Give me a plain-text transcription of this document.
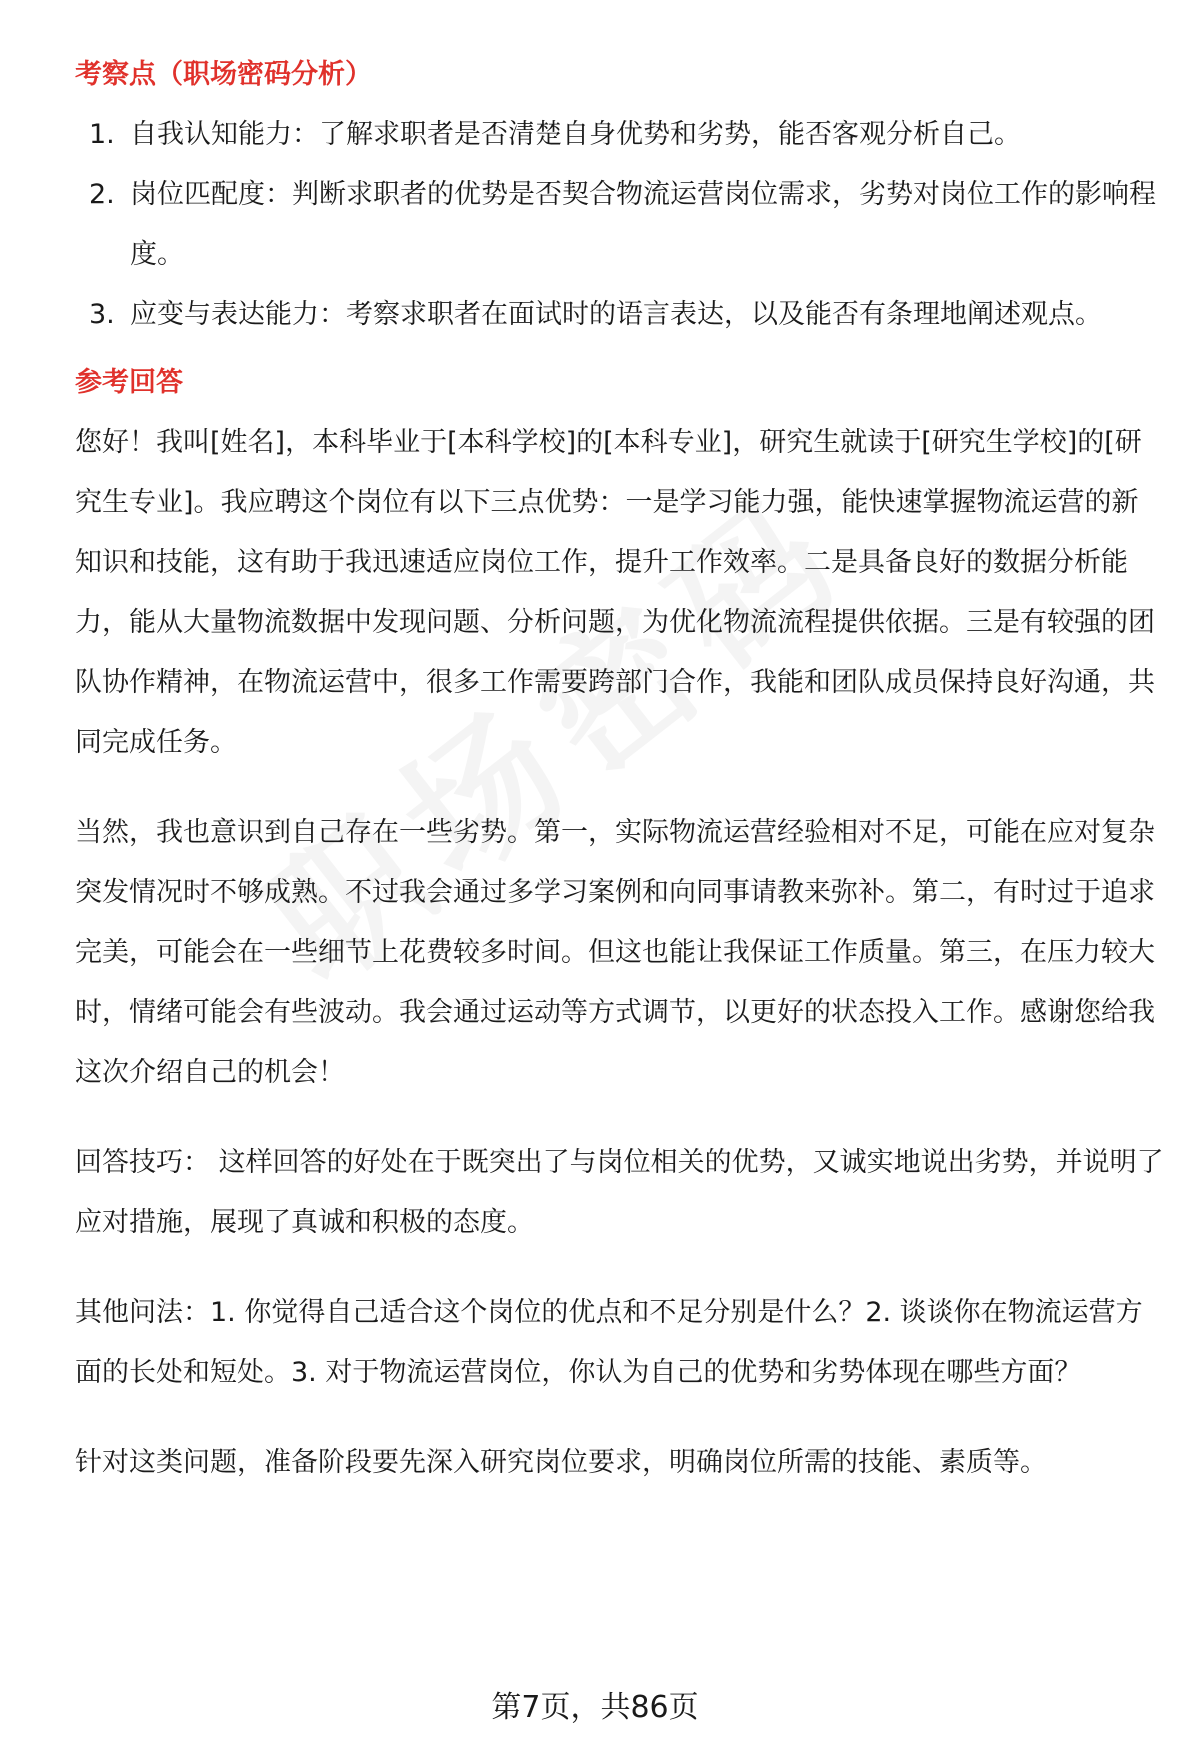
考察点（职场密码分析）
1. 自我认知能力：了解求职者是否清楚自身优势和劣势，能否客观分析自己。
2. 岗位匹配度：判断求职者的优势是否契合物流运营岗位需求，劣势对岗位工作的影响程度。
3. 应变与表达能力：考察求职者在面试时的语言表达，以及能否有条理地阐述观点。
参考回答

您好！我叫[姓名]，本科毕业于[本科学校]的[本科专业]，研究生就读于[研究生学校]的[研究生专业]。我应聘这个岗位有以下三点优势：一是学习能力强，能快速掌握物流运营的新知识和技能，这有助于我迅速适应岗位工作，提升工作效率。二是具备良好的数据分析能力，能从大量物流数据中发现问题、分析问题，为优化物流流程提供依据。三是有较强的团队协作精神，在物流运营中，很多工作需要跨部门合作，我能和团队成员保持良好沟通，共同完成任务。

当然，我也意识到自己存在一些劣势。第一，实际物流运营经验相对不足，可能在应对复杂突发情况时不够成熟。不过我会通过多学习案例和向同事请教来弥补。第二，有时过于追求完美，可能会在一些细节上花费较多时间。但这也能让我保证工作质量。第三，在压力较大时，情绪可能会有些波动。我会通过运动等方式调节，以更好的状态投入工作。感谢您给我这次介绍自己的机会！

回答技巧： 这样回答的好处在于既突出了与岗位相关的优势，又诚实地说出劣势，并说明了应对措施，展现了真诚和积极的态度。

其他问法：1. 你觉得自己适合这个岗位的优点和不足分别是什么？2. 谈谈你在物流运营方面的长处和短处。3. 对于物流运营岗位，你认为自己的优势和劣势体现在哪些方面？

针对这类问题，准备阶段要先深入研究岗位要求，明确岗位所需的技能、素质等。

第7页，共86页
